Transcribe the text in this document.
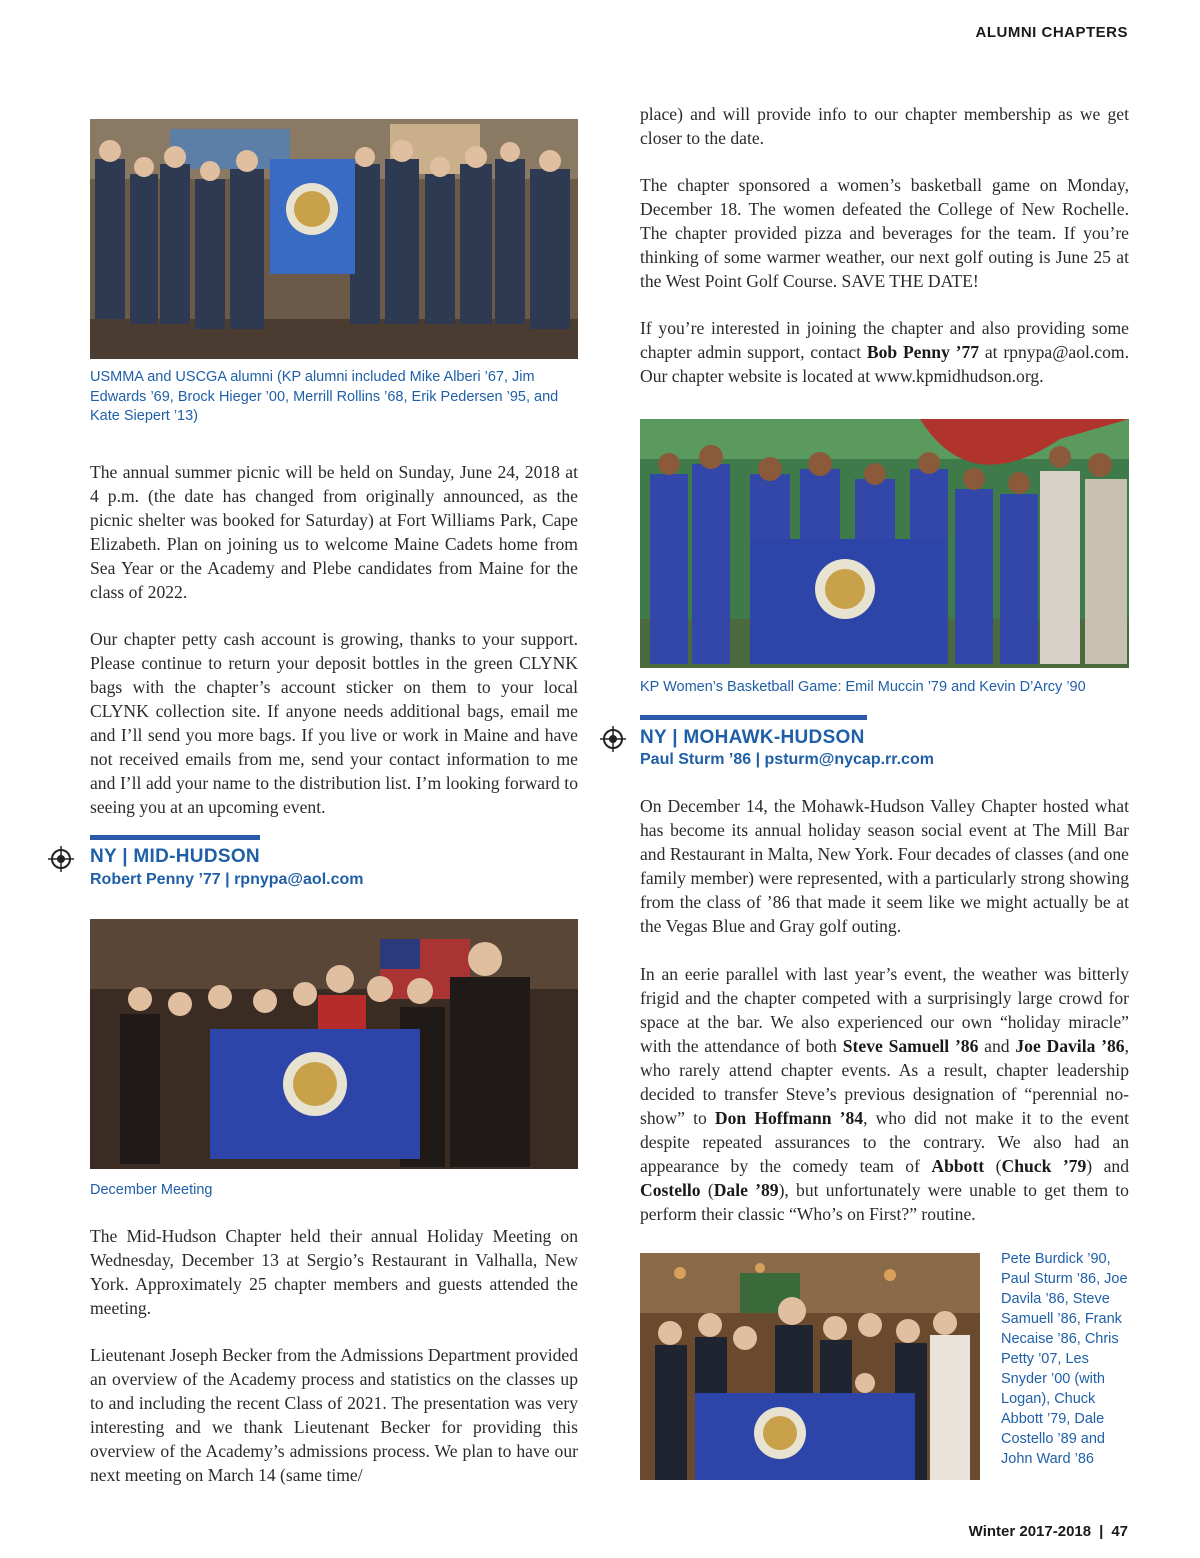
ALUMNI CHAPTERS
USMMA and USCGA alumni (KP alumni included Mike Alberi ’67, Jim Edwards ’69, Brock Hieger ’00, Merrill Rollins ’68, Erik Pedersen ’95, and Kate Siepert ’13)
The annual summer picnic will be held on Sunday, June 24, 2018 at 4 p.m. (the date has changed from originally announced, as the picnic shelter was booked for Saturday) at Fort Williams Park, Cape Elizabeth. Plan on joining us to welcome Maine Cadets home from Sea Year or the Academy and Plebe candidates from Maine for the class of 2022.
Our chapter petty cash account is growing, thanks to your support. Please continue to return your deposit bottles in the green CLYNK bags with the chapter’s account sticker on them to your local CLYNK collection site. If anyone needs additional bags, email me and I’ll send you more bags. If you live or work in Maine and have not received emails from me, send your contact information to me and I’ll add your name to the distribution list. I’m looking forward to seeing you at an upcoming event.
NY | MID-HUDSON
Robert Penny ’77 | rpnypa@aol.com
December Meeting
The Mid-Hudson Chapter held their annual Holiday Meeting on Wednesday, December 13 at Sergio’s Restaurant in Valhalla, New York. Approximately 25 chapter members and guests attended the meeting.
Lieutenant Joseph Becker from the Admissions Department provided an overview of the Academy process and statistics on the classes up to and including the recent Class of 2021. The presentation was very interesting and we thank Lieutenant Becker for providing this overview of the Academy’s admissions process. We plan to have our next meeting on March 14 (same time/
place) and will provide info to our chapter membership as we get closer to the date.
The chapter sponsored a women’s basketball game on Monday, December 18. The women defeated the College of New Rochelle. The chapter provided pizza and beverages for the team. If you’re thinking of some warmer weather, our next golf outing is June 25 at the West Point Golf Course. SAVE THE DATE!
If you’re interested in joining the chapter and also providing some chapter admin support, contact Bob Penny ’77 at rpnypa@aol.com. Our chapter website is located at www.kpmidhudson.org.
KP Women’s Basketball Game: Emil Muccin ’79 and Kevin D’Arcy ’90
NY | MOHAWK-HUDSON
Paul Sturm ’86 | psturm@nycap.rr.com
On December 14, the Mohawk-Hudson Valley Chapter hosted what has become its annual holiday season social event at The Mill Bar and Restaurant in Malta, New York. Four decades of classes (and one family member) were represented, with a particularly strong showing from the class of ’86 that made it seem like we might actually be at the Vegas Blue and Gray golf outing.
In an eerie parallel with last year’s event, the weather was bitterly frigid and the chapter competed with a surprisingly large crowd for space at the bar. We also experienced our own “holiday miracle” with the attendance of both Steve Samuell ’86 and Joe Davila ’86, who rarely attend chapter events. As a result, chapter leadership decided to transfer Steve’s previous designation of “perennial no-show” to Don Hoffmann ’84, who did not make it to the event despite repeated assurances to the contrary. We also had an appearance by the comedy team of Abbott (Chuck ’79) and Costello (Dale ’89), but unfortunately were unable to get them to perform their classic “Who’s on First?” routine.
Pete Burdick ’90, Paul Sturm ’86, Joe Davila ’86, Steve Samuell ’86, Frank Necaise ’86, Chris Petty ’07, Les Snyder ’00 (with Logan), Chuck Abbott ’79, Dale Costello ’89 and John Ward ’86
Winter 2017-2018 | 47
